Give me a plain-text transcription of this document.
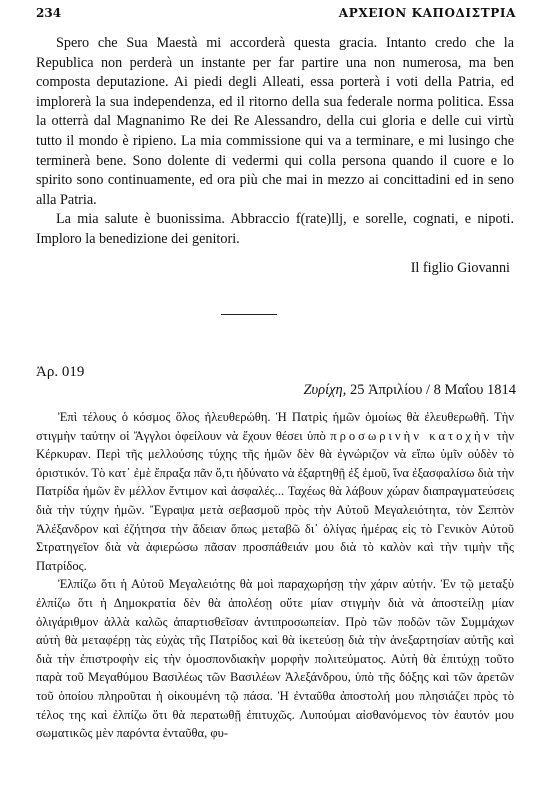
234	ΑΡΧΕΙΟΝ ΚΑΠΟΔΙΣΤΡΙΑ

Spero che Sua Maestà mi accorderà questa gracia. Intanto credo che la Republica non perderà un instante per far partire una non numerosa, ma ben composta deputazione. Ai piedi degli Alleati, essa porterà i voti della Patria, ed implorerà la sua independenza, ed il ritorno della sua federale norma politica. Essa la otterrà dal Magnanimo Re dei Re Alessandro, della cui gloria e delle cui virtù tutto il mondo è ripieno. La mia commissione qui va a terminare, e mi lusingo che terminerà bene. Sono dolente di vedermi qui colla persona quando il cuore e lo spirito sono continuamente, ed ora più che mai in mezzo ai concittadini ed in seno alla Patria.

La mia salute è buonissima. Abbraccio f(rate)llj, e sorelle, cognati, e nipoti. Imploro la benedizione dei genitori.

Il figlio Giovanni
Ἀρ. 019
Ζυρίχη, 25 Ἀπριλίου / 8 Μαΐου 1814

Ἐπὶ τέλους ὁ κόσμος ὅλος ἠλευθερώθη. Ἡ Πατρὶς ἡμῶν ὁμοίως θὰ ἐλευθερωθῆ. Τὴν στιγμὴν ταύτην οἱ Ἄγγλοι ὀφείλουν νὰ ἔχουν θέσει ὑπὸ προσωρινὴν κατοχὴν τὴν Κέρκυραν. Περὶ τῆς μελλούσης τύχης τῆς ἡμῶν δὲν θὰ ἐγνώριζον νὰ εἴπω ὑμῖν οὐδὲν τὸ ὁριστικόν. Τὸ κατ᾿ ἐμὲ ἔπραξα πᾶν ὅ,τι ἠδύνατο νὰ ἐξαρτηθῇ ἐξ ἐμοῦ, ἵνα ἐξασφαλίσω διὰ τὴν Πατρίδα ἡμῶν ἓν μέλλον ἔντιμον καὶ ἀσφαλές... Ταχέως θὰ λάβουν χώραν διαπραγματεύσεις διὰ τὴν τύχην ἡμῶν. Ἔγραψα μετὰ σεβασμοῦ πρὸς τὴν Αὐτοῦ Μεγαλειότητα, τὸν Σεπτὸν Ἀλέξανδρον καὶ ἐζήτησα τὴν ἄδειαν ὅπως μεταβῶ δι᾿ ὀλίγας ἡμέρας εἰς τὸ Γενικὸν Αὐτοῦ Στρατηγεῖον διὰ νὰ ἀφιερώσω πᾶσαν προσπάθειάν μου διὰ τὸ καλὸν καὶ τὴν τιμὴν τῆς Πατρίδος.

Ἐλπίζω ὅτι ἡ Αὐτοῦ Μεγαλειότης θὰ μοὶ παραχωρήσῃ τὴν χάριν αὐτήν. Ἐν τῷ μεταξὺ ἐλπίζω ὅτι ἡ Δημοκρατία δὲν θὰ ἀπολέσῃ οὔτε μίαν στιγμὴν διὰ νὰ ἀποστείλῃ μίαν ὀλιγάριθμον ἀλλὰ καλῶς ἀπαρτισθεῖσαν ἀντιπροσωπείαν. Πρὸ τῶν ποδῶν τῶν Συμμάχων αὐτὴ θὰ μεταφέρῃ τὰς εὐχὰς τῆς Πατρίδος καὶ θὰ ἱκετεύσῃ διὰ τὴν ἀνεξαρτησίαν αὐτῆς καὶ διὰ τὴν ἐπιστροφὴν εἰς τὴν ὁμοσπονδιακὴν μορφὴν πολιτεύματος. Αὐτὴ θὰ ἐπιτύχῃ τοῦτο παρὰ τοῦ Μεγαθύμου Βασιλέως τῶν Βασιλέων Ἀλεξάνδρου, ὑπὸ τῆς δόξης καὶ τῶν ἀρετῶν τοῦ ὁποίου πληροῦται ἡ οἰκουμένη τῷ πάσα. Ἡ ἐνταῦθα ἀποστολή μου πλησιάζει πρὸς τὸ τέλος της καὶ ἐλπίζω ὅτι θὰ περατωθῇ ἐπιτυχῶς. Λυπούμαι αἰσθανόμενος τὸν ἑαυτόν μου σωματικῶς μὲν παρόντα ἐνταῦθα, φυ-
